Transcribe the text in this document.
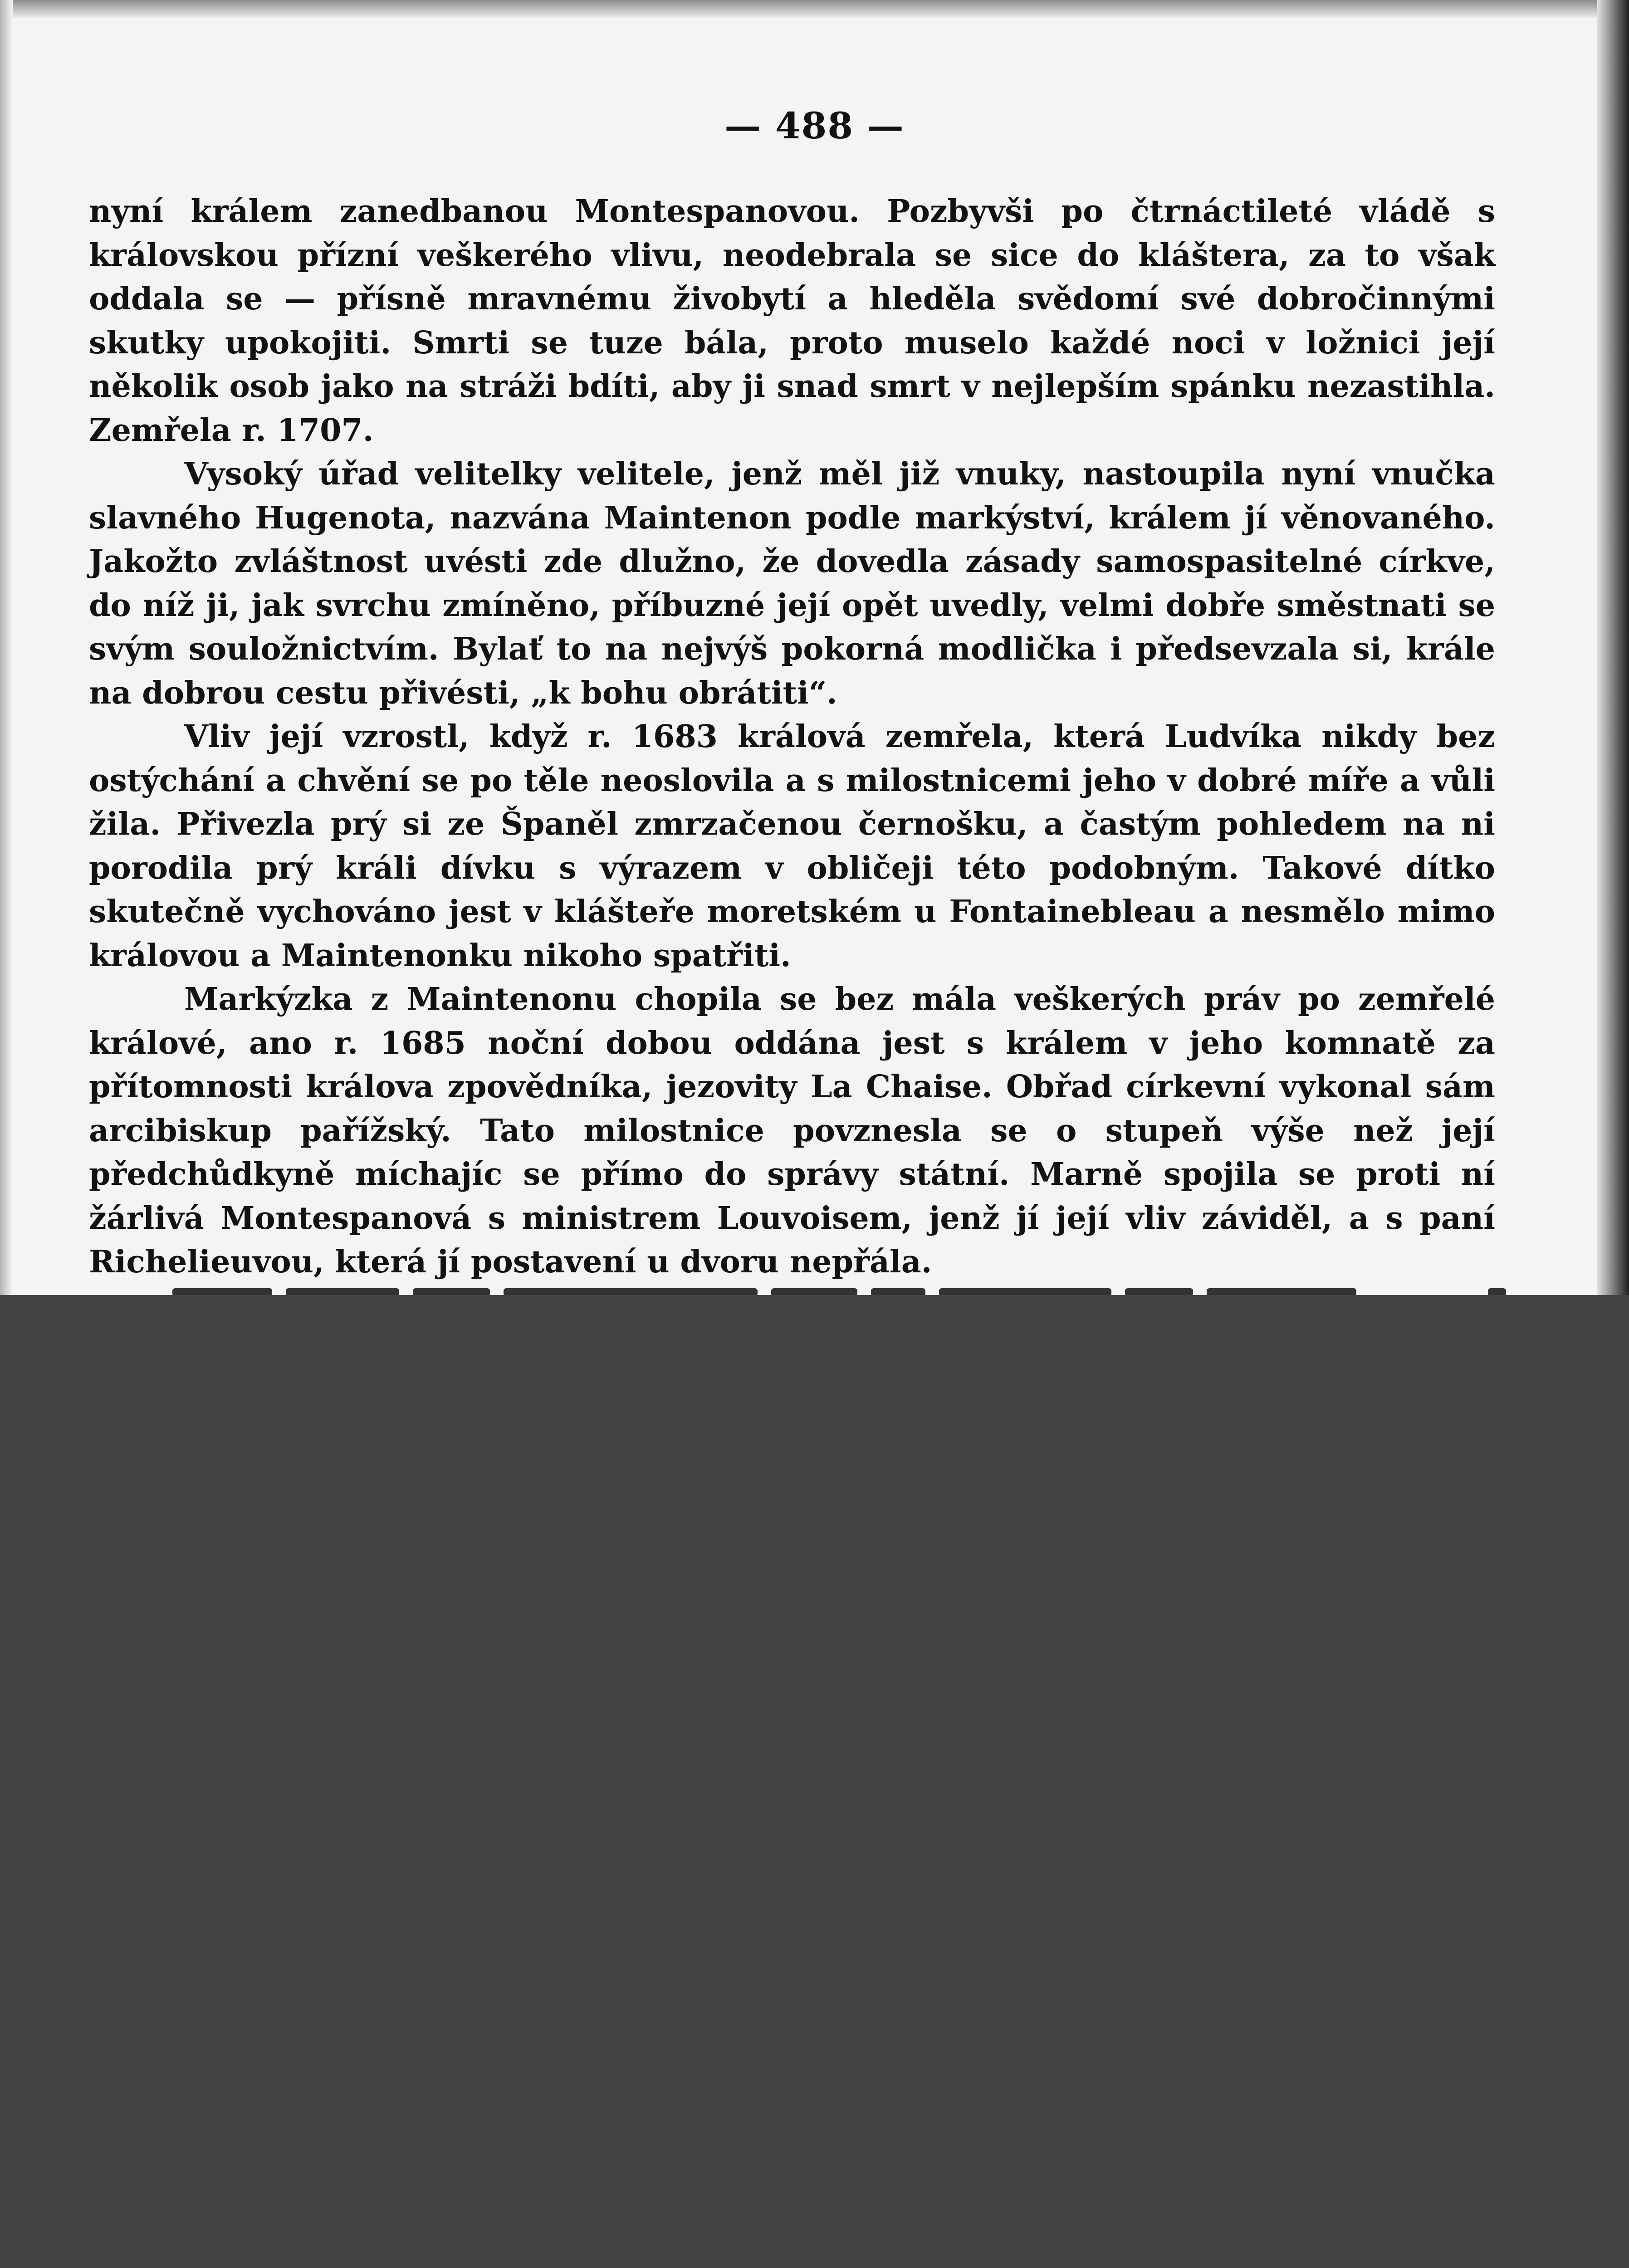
— 488 —

nyní králem zanedbanou Montespanovou. Pozbyvši po čtrnáctileté vládě s královskou přízní veškerého vlivu, neodebrala se sice do kláštera, za to však oddala se — přísně mravnému živobytí a hleděla svědomí své dobročinnými skutky upokojiti. Smrti se tuze bála, proto muselo každé noci v ložnici její několik osob jako na stráži bdíti, aby ji snad smrt v nejlepším spánku nezastihla. Zemřela r. 1707.

Vysoký úřad velitelky velitele, jenž měl již vnuky, nastoupila nyní vnučka slavného Hugenota, nazvána Maintenon podle markýství, králem jí věnovaného. Jakožto zvláštnost uvésti zde dlužno, že dovedla zásady samospasitelné církve, do níž ji, jak svrchu zmíněno, příbuzné její opět uvedly, velmi dobře směstnati se svým souložnictvím. Bylať to na nejvýš pokorná modlička i předsevzala si, krále na dobrou cestu přivésti, „k bohu obrátiti“.

Vliv její vzrostl, když r. 1683 králová zemřela, která Ludvíka nikdy bez ostýchání a chvění se po těle neoslovila a s milostnicemi jeho v dobré míře a vůli žila. Přivezla prý si ze Španěl zmrzačenou černošku, a častým pohledem na ni porodila prý králi dívku s výrazem v obličeji této podobným. Takové dítko skutečně vychováno jest v klášteře moretském u Fontainebleau a nesmělo mimo královou a Maintenonku nikoho spatřiti.

Markýzka z Maintenonu chopila se bez mála veškerých práv po zemřelé králové, ano r. 1685 noční dobou oddána jest s králem v jeho komnatě za přítomnosti králova zpovědníka, jezovity La Chaise. Obřad církevní vykonal sám arcibiskup pařížský. Tato milostnice povznesla se o stupeň výše než její předchůdkyně míchajíc se přímo do správy státní. Marně spojila se proti ní žárlivá Montespanová s ministrem Louvoisem, jenž jí její vliv záviděl, a s paní Richelieuvou, která jí postavení u dvoru nepřála.
